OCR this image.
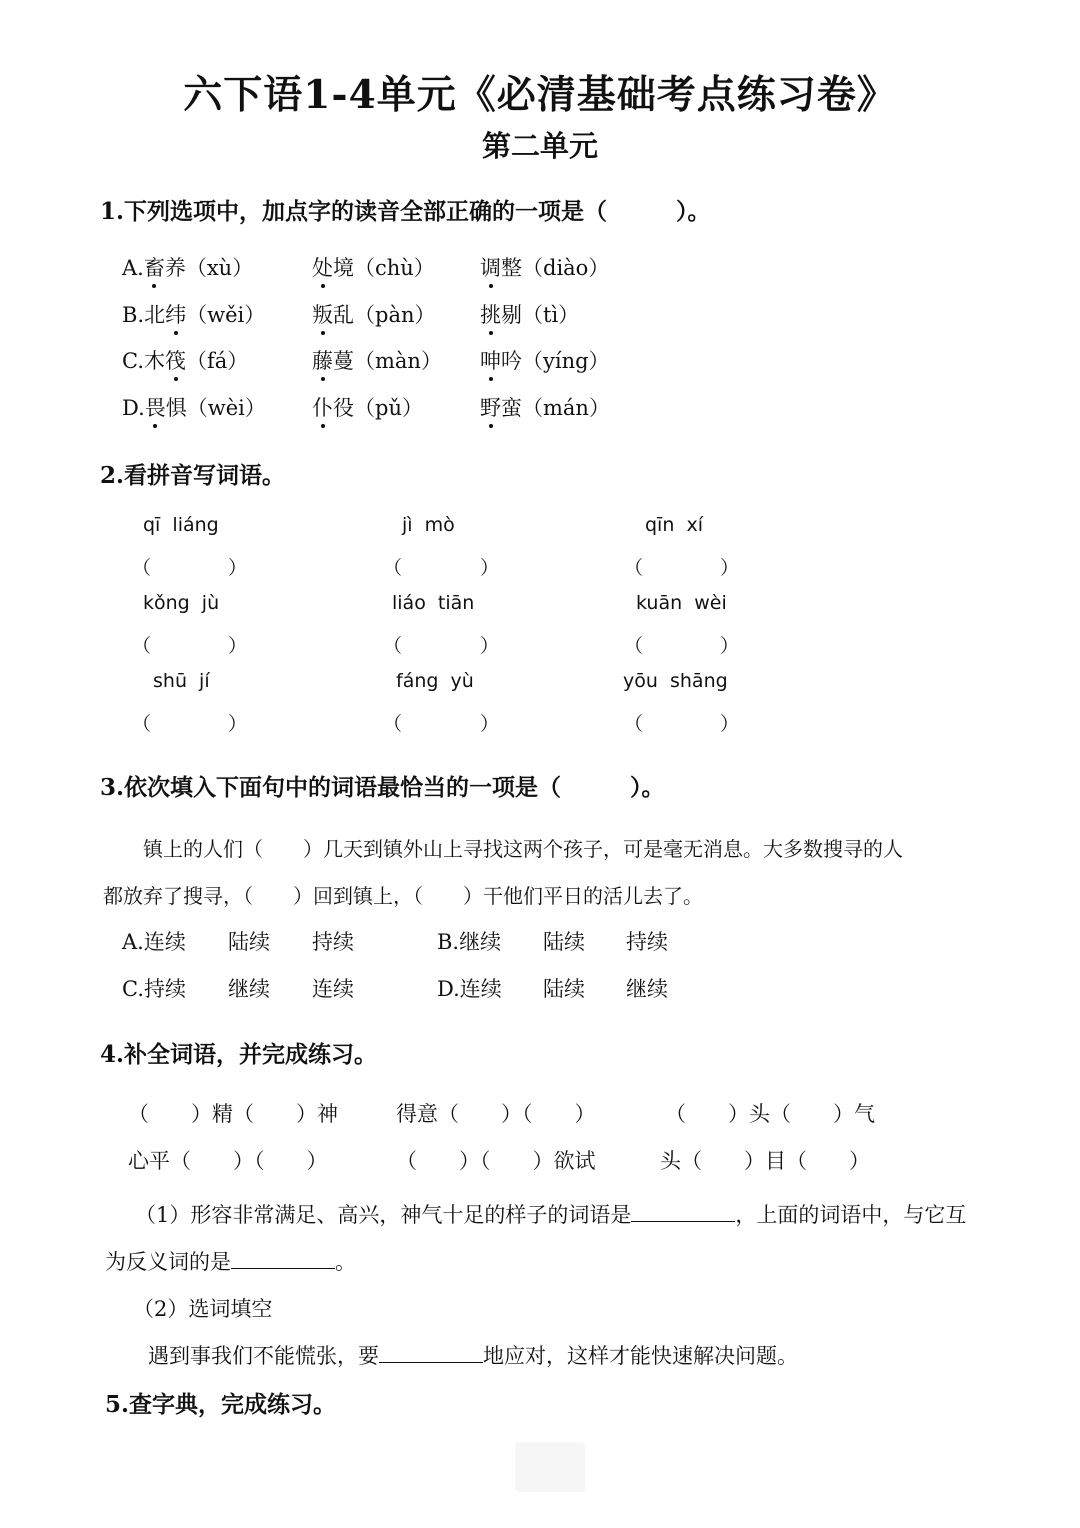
六下语1-4单元《必清基础考点练习卷》
第二单元
1.下列选项中，加点字的读音全部正确的一项是（　　　）。
A.畜养（xù）	处境（chù） 调整（diào）
B.北纬（wěi） 叛乱（pàn） 挑剔（tì）
C.木筏（fá）	藤蔓（màn） 呻吟（yíng）
D.畏惧（wèi） 仆役（pǔ）	野蛮（mán）
2.看拼音写词语。
qī  liáng	jì  mò	qīn  xí
（	）	（	）	（	）
kǒng  jù	liáo  tiān	kuān  wèi
（	）	（	）	（	）
shū  jí	fáng  yù	yōu  shāng
（	）	（	）	（	）
3.依次填入下面句中的词语最恰当的一项是（　　　）。
镇上的人们（　　）几天到镇外山上寻找这两个孩子，可是毫无消息。大多数搜寻的人
都放弃了搜寻，（　　）回到镇上，（　　）干他们平日的活儿去了。
A.连续 陆续 持续	B.继续 陆续 持续
C.持续 继续 连续	D.连续 陆续 继续
4.补全词语，并完成练习。
（　　）精（　　）神	得意（　　）（　　）	（　　）头（　　）气
心平（　　）（　　）	（　　）（　　）欲试	头（　　）目（　　）
（1）形容非常满足、高兴，神气十足的样子的词语是	，上面的词语中，与它互
为反义词的是	。
（2）选词填空
遇到事我们不能慌张，要	地应对，这样才能快速解决问题。
5.查字典，完成练习。
